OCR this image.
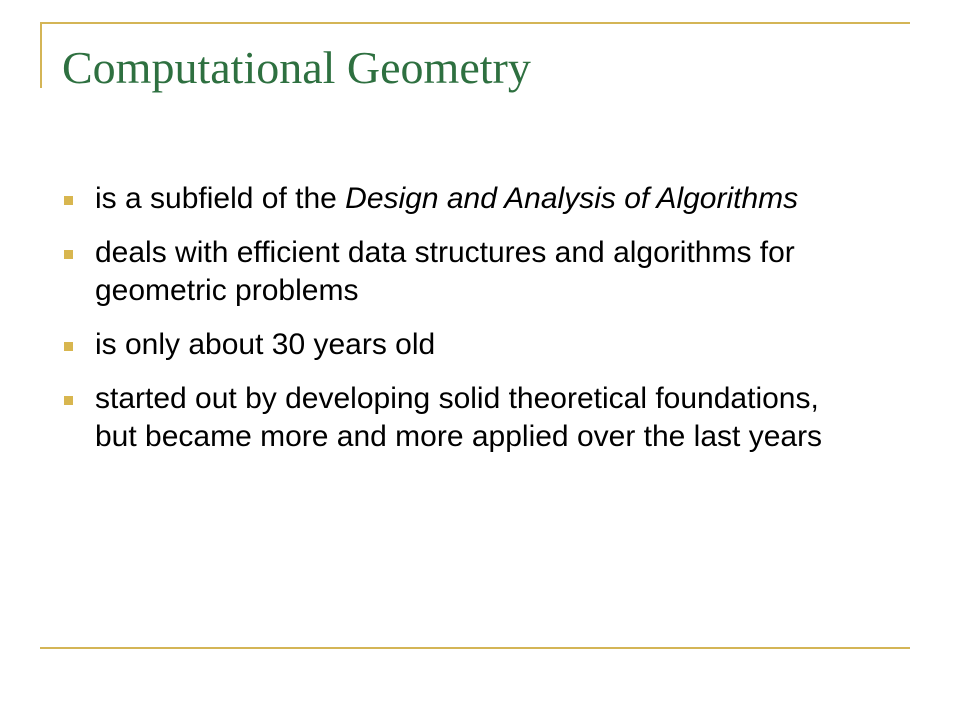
Computational Geometry
is a subfield of the Design and Analysis of Algorithms
deals with efficient data structures and algorithms for geometric problems
is only about 30 years old
started out by developing solid theoretical foundations, but became more and more applied over the last years
